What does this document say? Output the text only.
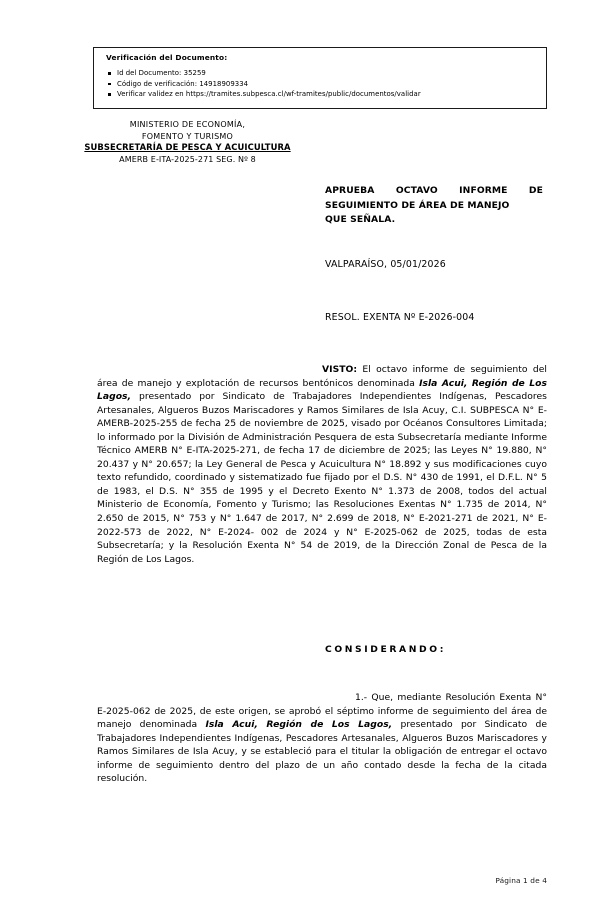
Verificación del Documento:
Id del Documento: 35259
Código de verificación: 14918909334
Verificar validez en https://tramites.subpesca.cl/wf-tramites/public/documentos/validar
MINISTERIO DE ECONOMÍA,
FOMENTO Y TURISMO
SUBSECRETARÍA DE PESCA Y ACUICULTURA
AMERB E-ITA-2025-271 SEG. Nº 8
APRUEBA OCTAVO INFORME DE SEGUIMIENTO DE ÁREA DE MANEJO
QUE SEÑALA.
VALPARAÍSO, 05/01/2026
RESOL. EXENTA Nº E-2026-004
VISTO: El octavo informe de seguimiento del área de manejo y explotación de recursos bentónicos denominada Isla Acui, Región de Los Lagos, presentado por Sindicato de Trabajadores Independientes Indígenas, Pescadores Artesanales, Algueros Buzos Mariscadores y Ramos Similares de Isla Acuy, C.I. SUBPESCA N° E-AMERB-2025-255 de fecha 25 de noviembre de 2025, visado por Océanos Consultores Limitada; lo informado por la División de Administración Pesquera de esta Subsecretaría mediante Informe Técnico AMERB N° E-ITA-2025-271, de fecha 17 de diciembre de 2025; las Leyes N° 19.880, N° 20.437 y N° 20.657; la Ley General de Pesca y Acuicultura N° 18.892 y sus modificaciones cuyo texto refundido, coordinado y sistematizado fue fijado por el D.S. N° 430 de 1991, el D.F.L. N° 5 de 1983, el D.S. N° 355 de 1995 y el Decreto Exento N° 1.373 de 2008, todos del actual Ministerio de Economía, Fomento y Turismo; las Resoluciones Exentas N° 1.735 de 2014, N° 2.650 de 2015, N° 753 y N° 1.647 de 2017, N° 2.699 de 2018, N° E-2021-271 de 2021, N° E-2022-573 de 2022, N° E-2024- 002 de 2024 y N° E-2025-062 de 2025, todas de esta Subsecretaría; y la Resolución Exenta N° 54 de 2019, de la Dirección Zonal de Pesca de la Región de Los Lagos.
CONSIDERANDO:
1.- Que, mediante Resolución Exenta N° E-2025-062 de 2025, de este origen, se aprobó el séptimo informe de seguimiento del área de manejo denominada Isla Acui, Región de Los Lagos, presentado por Sindicato de Trabajadores Independientes Indígenas, Pescadores Artesanales, Algueros Buzos Mariscadores y Ramos Similares de Isla Acuy, y se estableció para el titular la obligación de entregar el octavo informe de seguimiento dentro del plazo de un año contado desde la fecha de la citada resolución.
Página 1 de 4
